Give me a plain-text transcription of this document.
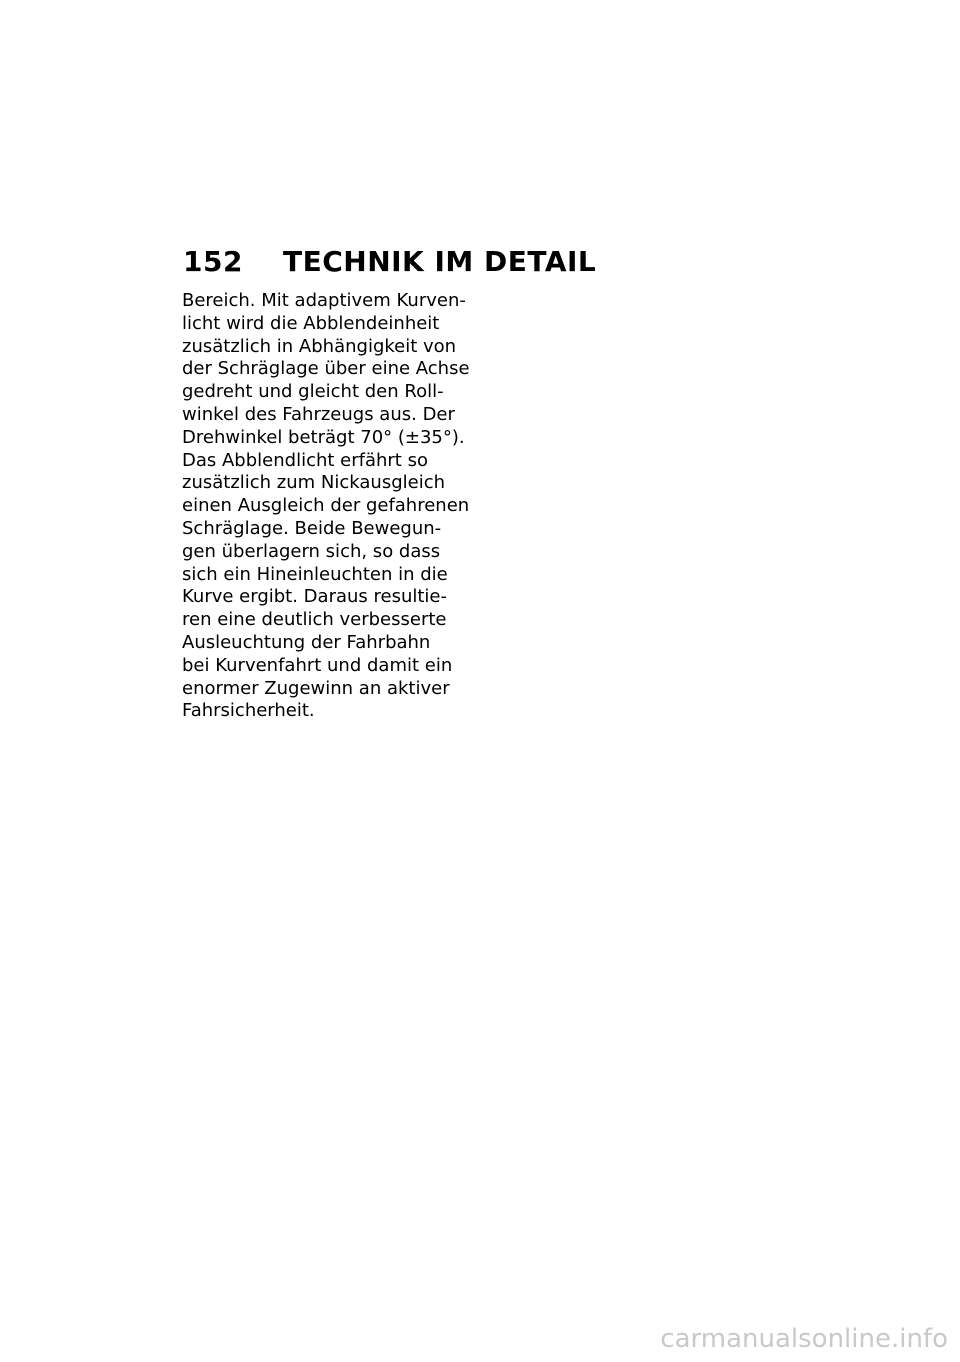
152	TECHNIK IM DETAIL
Bereich. Mit adaptivem Kurven-
licht wird die Abblendeinheit
zusätzlich in Abhängigkeit von
der Schräglage über eine Achse
gedreht und gleicht den Roll-
winkel des Fahrzeugs aus. Der
Drehwinkel beträgt 70° (±35°).
Das Abblendlicht erfährt so
zusätzlich zum Nickausgleich
einen Ausgleich der gefahrenen
Schräglage. Beide Bewegun-
gen überlagern sich, so dass
sich ein Hineinleuchten in die
Kurve ergibt. Daraus resultie-
ren eine deutlich verbesserte
Ausleuchtung der Fahrbahn
bei Kurvenfahrt und damit ein
enormer Zugewinn an aktiver
Fahrsicherheit.
carmanualsonline.info
